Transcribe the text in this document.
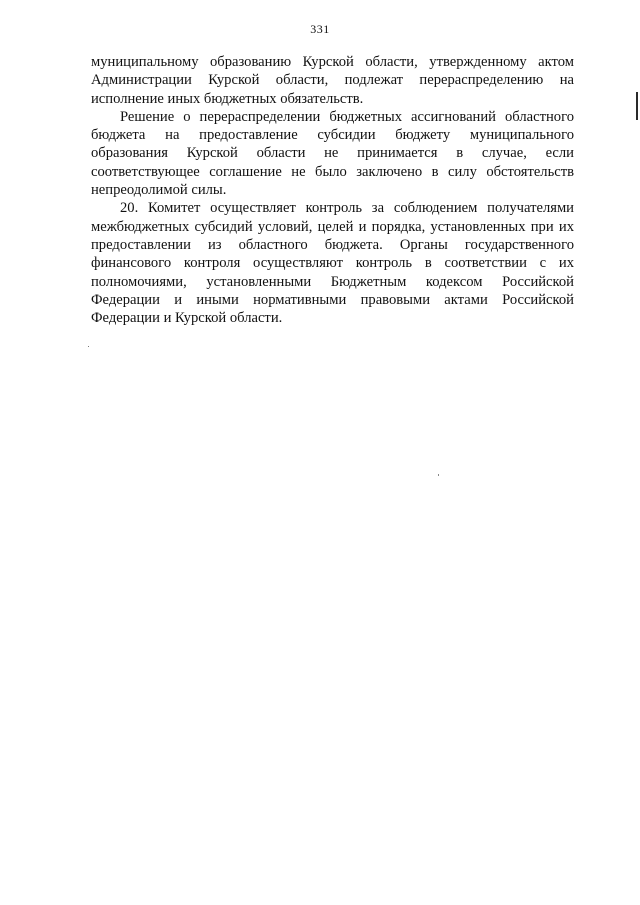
331

муниципальному образованию Курской области, утвержденному актом Администрации Курской области, подлежат перераспределению на исполнение иных бюджетных обязательств.

Решение о перераспределении бюджетных ассигнований областного бюджета на предоставление субсидии бюджету муниципального образования Курской области не принимается в случае, если соответствующее соглашение не было заключено в силу обстоятельств непреодолимой силы.

20. Комитет осуществляет контроль за соблюдением получателями межбюджетных субсидий условий, целей и порядка, установленных при их предоставлении из областного бюджета. Органы государственного финансового контроля осуществляют контроль в соответствии с их полномочиями, установленными Бюджетным кодексом Российской Федерации и иными нормативными правовыми актами Российской Федерации и Курской области.
